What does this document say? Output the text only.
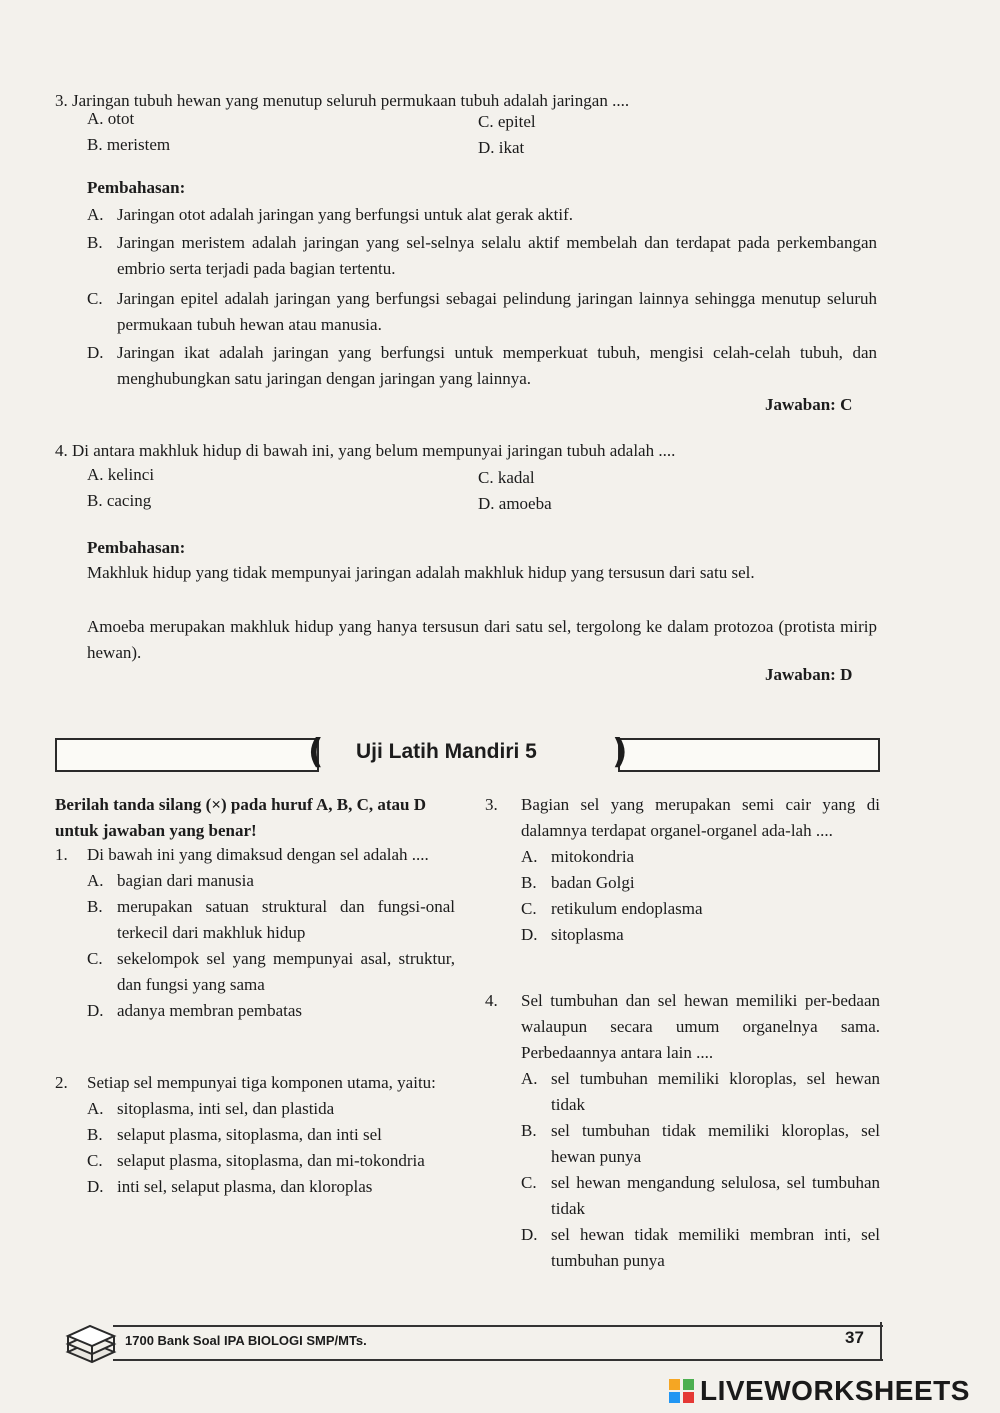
3. Jaringan tubuh hewan yang menutup seluruh permukaan tubuh adalah jaringan ....
A. otot
B. meristem
C. epitel
D. ikat
Pembahasan:
A. Jaringan otot adalah jaringan yang berfungsi untuk alat gerak aktif.
B. Jaringan meristem adalah jaringan yang sel-selnya selalu aktif membelah dan terdapat pada perkembangan embrio serta terjadi pada bagian tertentu.
C. Jaringan epitel adalah jaringan yang berfungsi sebagai pelindung jaringan lainnya sehingga menutup seluruh permukaan tubuh hewan atau manusia.
D. Jaringan ikat adalah jaringan yang berfungsi untuk memperkuat tubuh, mengisi celah-celah tubuh, dan menghubungkan satu jaringan dengan jaringan yang lainnya.
Jawaban: C
4. Di antara makhluk hidup di bawah ini, yang belum mempunyai jaringan tubuh adalah ....
A. kelinci
B. cacing
C. kadal
D. amoeba
Pembahasan:
Makhluk hidup yang tidak mempunyai jaringan adalah makhluk hidup yang tersusun dari satu sel.
Amoeba merupakan makhluk hidup yang hanya tersusun dari satu sel, tergolong ke dalam protozoa (protista mirip hewan).
Jawaban: D
(	)
Uji Latih Mandiri 5
Berilah tanda silang (×) pada huruf A, B, C, atau D untuk jawaban yang benar!
1.	Di bawah ini yang dimaksud dengan sel adalah ....
A. bagian dari manusia
B. merupakan satuan struktural dan fungsi-onal terkecil dari makhluk hidup
C. sekelompok sel yang mempunyai asal, struktur, dan fungsi yang sama
D. adanya membran pembatas
2.	Setiap sel mempunyai tiga komponen utama, yaitu:
A. sitoplasma, inti sel, dan plastida
B. selaput plasma, sitoplasma, dan inti sel
C. selaput plasma, sitoplasma, dan mi-tokondria
D. inti sel, selaput plasma, dan kloroplas
3.	Bagian sel yang merupakan semi cair yang di dalamnya terdapat organel-organel ada-lah ....
A. mitokondria
B. badan Golgi
C. retikulum endoplasma
D. sitoplasma
4.	Sel tumbuhan dan sel hewan memiliki per-bedaan walaupun secara umum organelnya sama. Perbedaannya antara lain ....
A. sel tumbuhan memiliki kloroplas, sel hewan tidak
B. sel tumbuhan tidak memiliki kloroplas, sel hewan punya
C. sel hewan mengandung selulosa, sel tumbuhan tidak
D. sel hewan tidak memiliki membran inti, sel tumbuhan punya
1700 Bank Soal IPA BIOLOGI SMP/MTs.	37
LIVEWORKSHEETS
